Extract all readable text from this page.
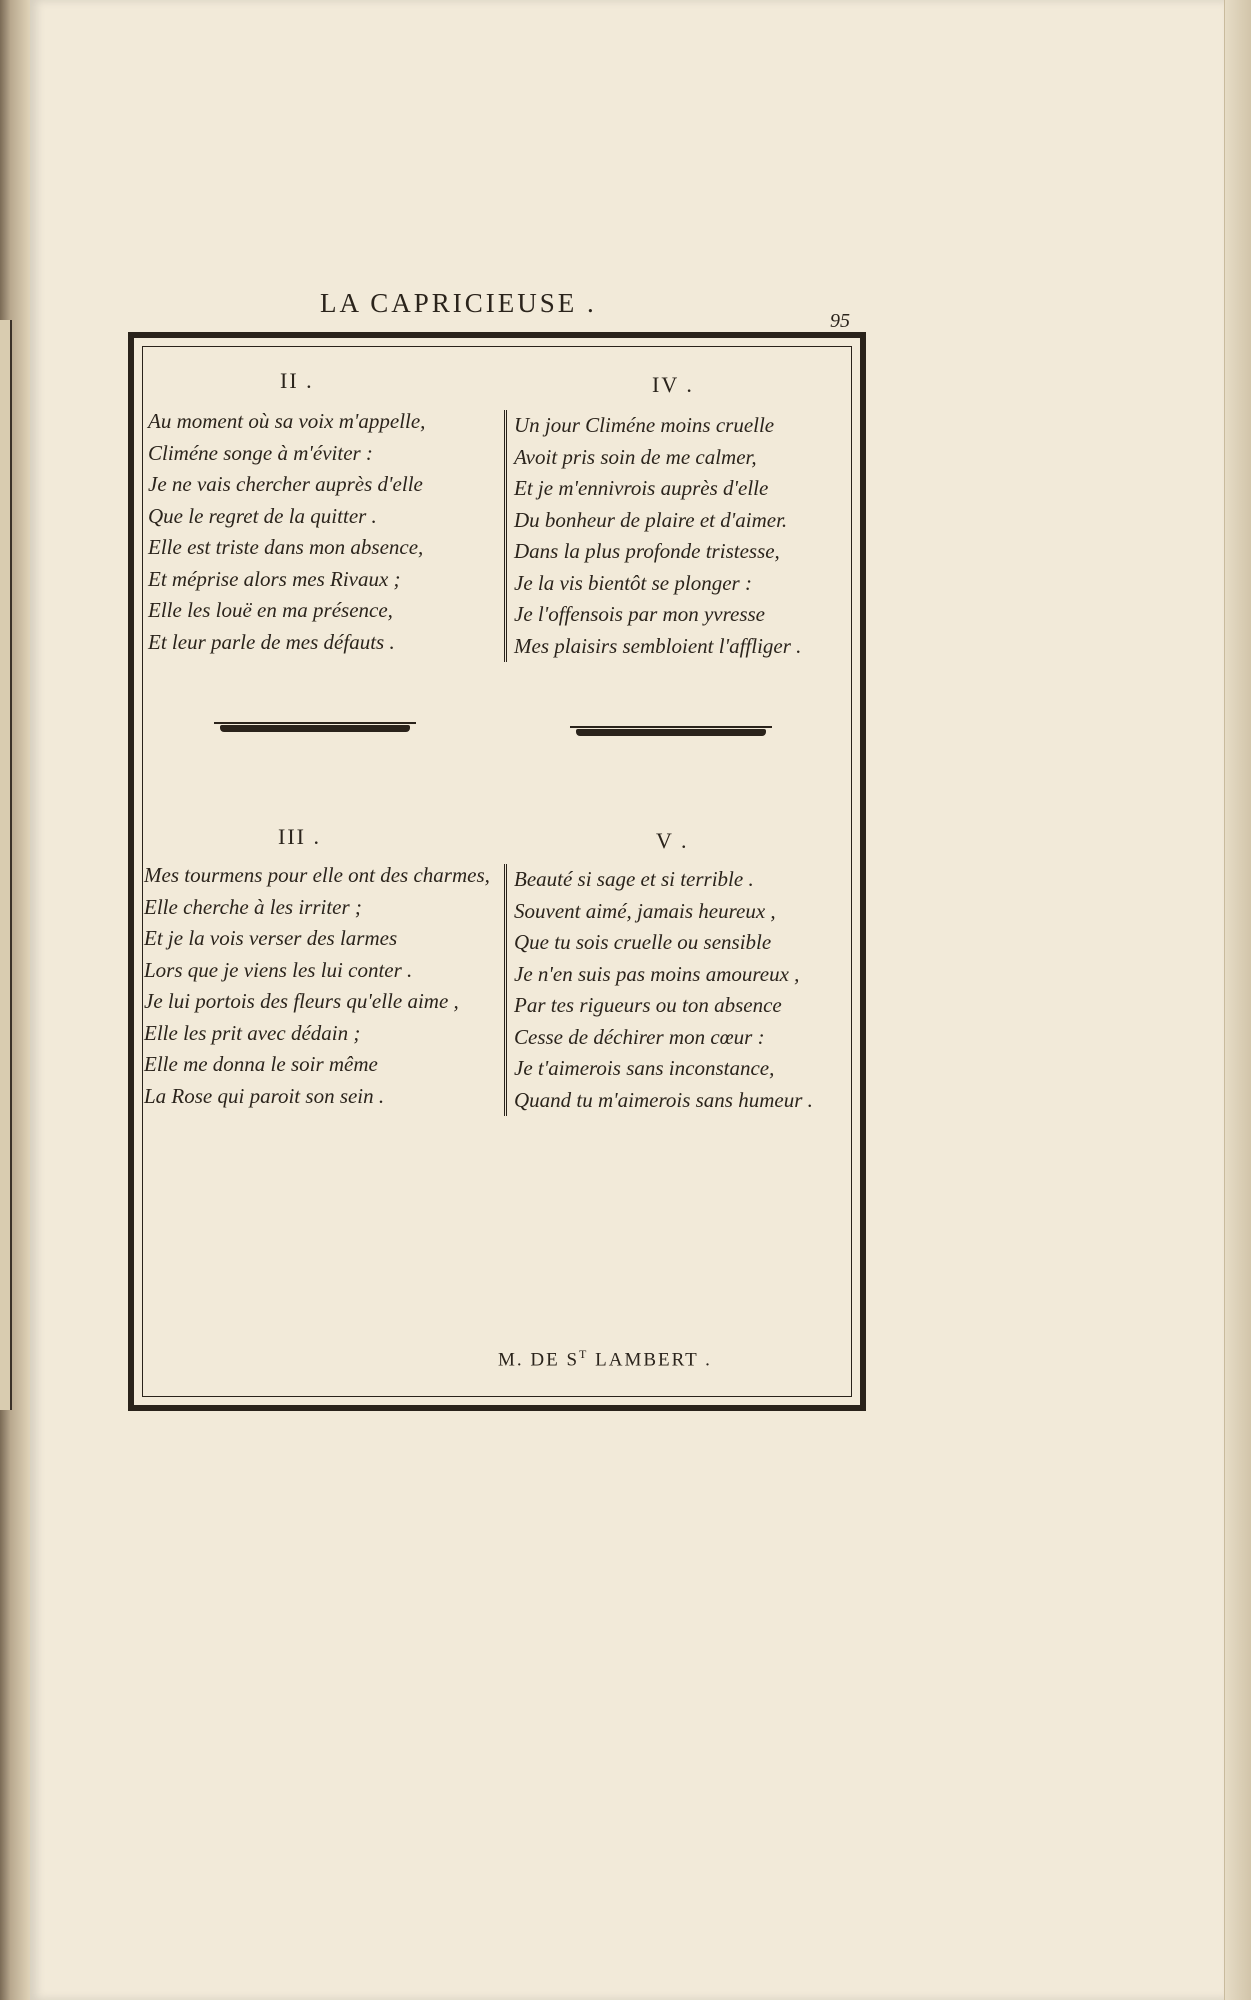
LA CAPRICIEUSE .
95
II .
Au moment où sa voix m'appelle,
Climéne songe à m'éviter :
Je ne vais chercher auprès d'elle
Que le regret de la quitter .
Elle est triste dans mon absence,
Et méprise alors mes Rivaux ;
Elle les louë en ma présence,
Et leur parle de mes défauts .
IV .
Un jour Climéne moins cruelle
Avoit pris soin de me calmer,
Et je m'ennivrois auprès d'elle
Du bonheur de plaire et d'aimer.
Dans la plus profonde tristesse,
Je la vis bientôt se plonger :
Je l'offensois par mon yvresse
Mes plaisirs sembloient l'affliger .
III .
Mes tourmens pour elle ont des charmes,
Elle cherche à les irriter ;
Et je la vois verser des larmes
Lors que je viens les lui conter .
Je lui portois des fleurs qu'elle aime ,
Elle les prit avec dédain ;
Elle me donna le soir même
La Rose qui paroit son sein .
V .
Beauté si sage et si terrible .
Souvent aimé, jamais heureux ,
Que tu sois cruelle ou sensible
Je n'en suis pas moins amoureux ,
Par tes rigueurs ou ton absence
Cesse de déchirer mon cœur :
Je t'aimerois sans inconstance,
Quand tu m'aimerois sans humeur .
M. DE $S^T$ LAMBERT .
